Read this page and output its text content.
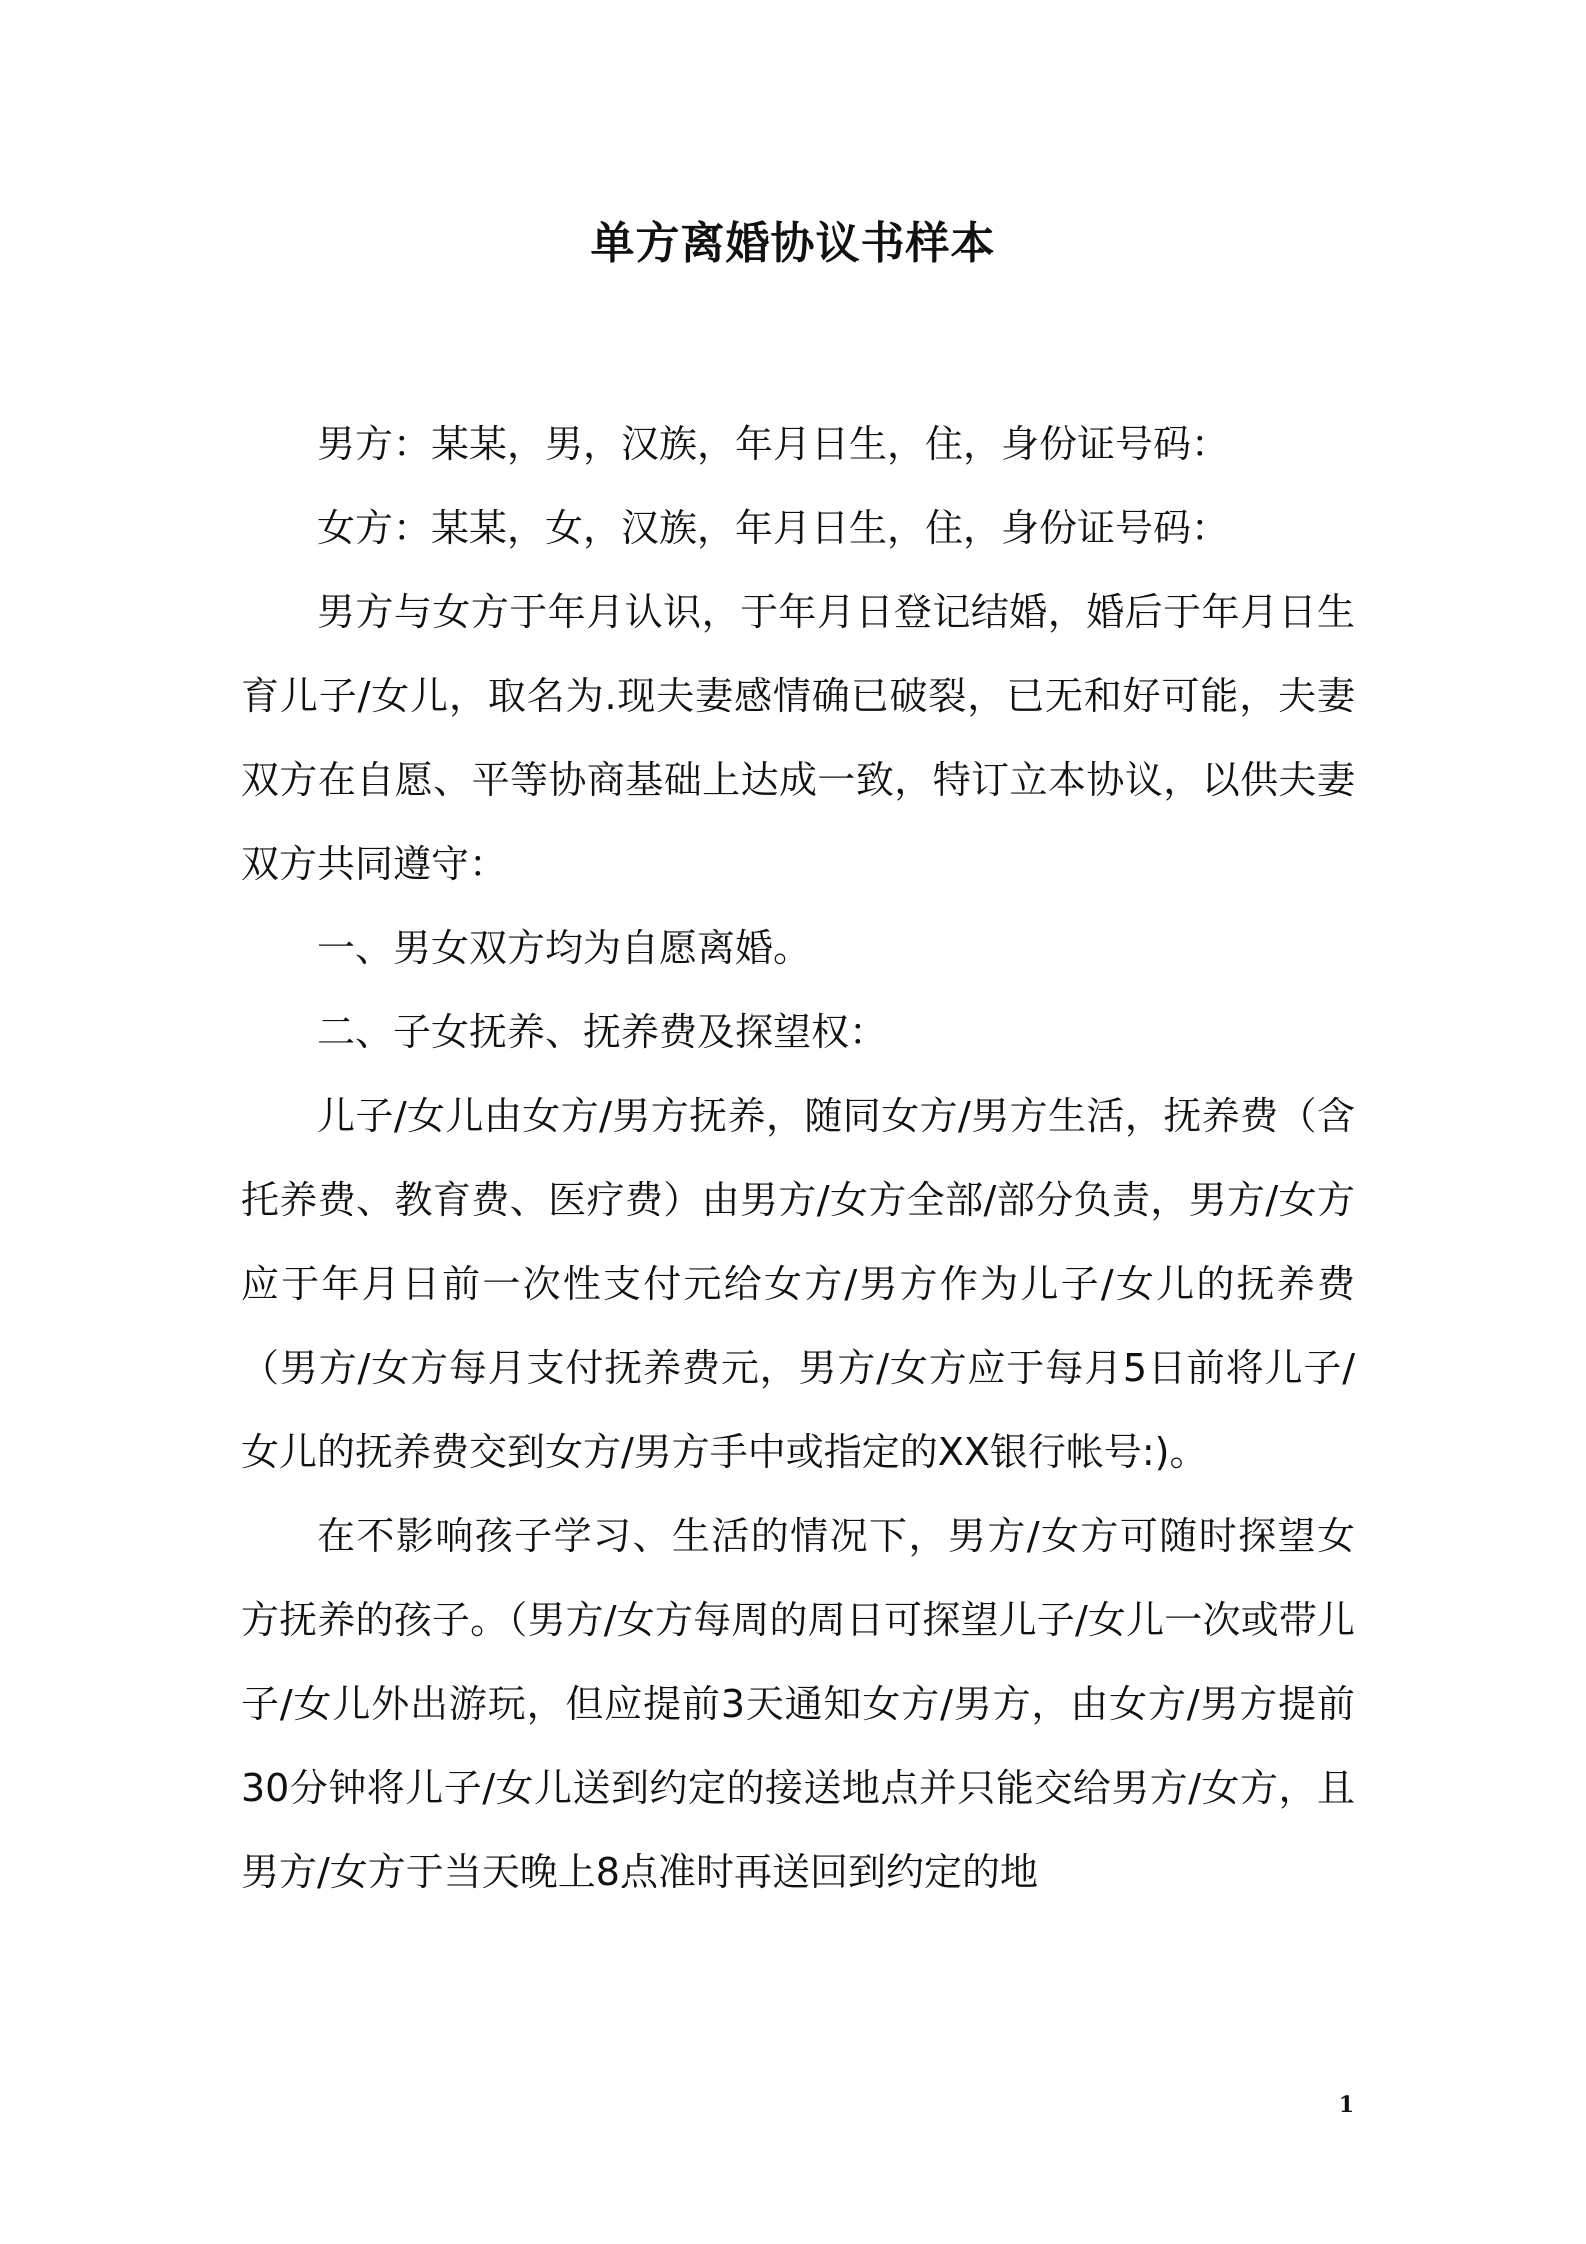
单方离婚协议书样本

男方：某某，男，汉族，年月日生，住，身份证号码：

女方：某某，女，汉族，年月日生，住，身份证号码：

男方与女方于年月认识，于年月日登记结婚，婚后于年月日生育儿子/女儿，取名为.现夫妻感情确已破裂，已无和好可能，夫妻双方在自愿、平等协商基础上达成一致，特订立本协议，以供夫妻双方共同遵守：

一、男女双方均为自愿离婚。

二、子女抚养、抚养费及探望权：

儿子/女儿由女方/男方抚养，随同女方/男方生活，抚养费（含托养费、教育费、医疗费）由男方/女方全部/部分负责，男方/女方应于年月日前一次性支付元给女方/男方作为儿子/女儿的抚养费（男方/女方每月支付抚养费元，男方/女方应于每月5日前将儿子/女儿的抚养费交到女方/男方手中或指定的XX银行帐号:)。

在不影响孩子学习、生活的情况下，男方/女方可随时探望女方抚养的孩子。（男方/女方每周的周日可探望儿子/女儿一次或带儿子/女儿外出游玩，但应提前3天通知女方/男方，由女方/男方提前30分钟将儿子/女儿送到约定的接送地点并只能交给男方/女方，且男方/女方于当天晚上8点准时再送回到约定的地

1
